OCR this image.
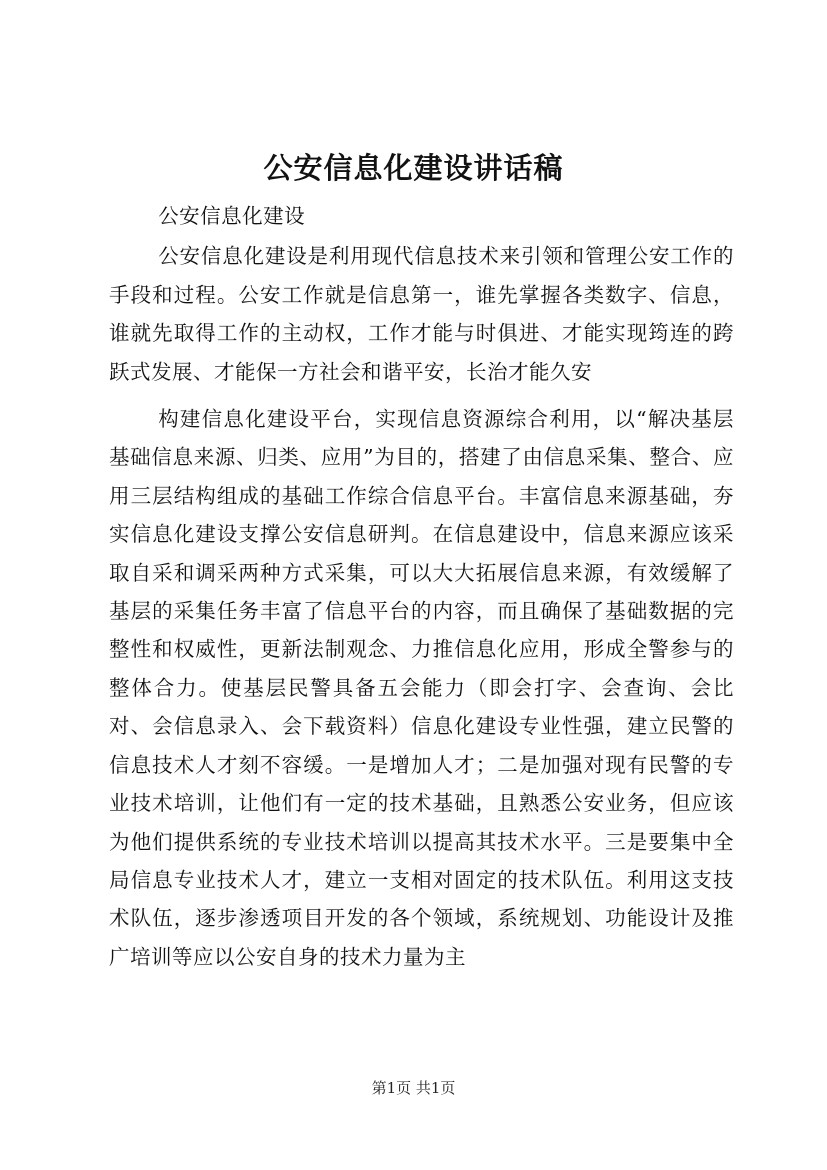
公安信息化建设讲话稿

公安信息化建设

公安信息化建设是利用现代信息技术来引领和管理公安工作的手段和过程。公安工作就是信息第一，谁先掌握各类数字、信息，谁就先取得工作的主动权，工作才能与时俱进、才能实现筠连的跨跃式发展、才能保一方社会和谐平安，长治才能久安

构建信息化建设平台，实现信息资源综合利用，以“解决基层基础信息来源、归类、应用”为目的，搭建了由信息采集、整合、应用三层结构组成的基础工作综合信息平台。丰富信息来源基础，夯实信息化建设支撑公安信息研判。在信息建设中，信息来源应该采取自采和调采两种方式采集，可以大大拓展信息来源，有效缓解了基层的采集任务丰富了信息平台的内容，而且确保了基础数据的完整性和权威性，更新法制观念、力推信息化应用，形成全警参与的整体合力。使基层民警具备五会能力（即会打字、会查询、会比对、会信息录入、会下载资料）信息化建设专业性强，建立民警的信息技术人才刻不容缓。一是增加人才；二是加强对现有民警的专业技术培训，让他们有一定的技术基础，且熟悉公安业务，但应该为他们提供系统的专业技术培训以提高其技术水平。三是要集中全局信息专业技术人才，建立一支相对固定的技术队伍。利用这支技术队伍，逐步渗透项目开发的各个领域，系统规划、功能设计及推广培训等应以公安自身的技术力量为主

第1页 共1页
